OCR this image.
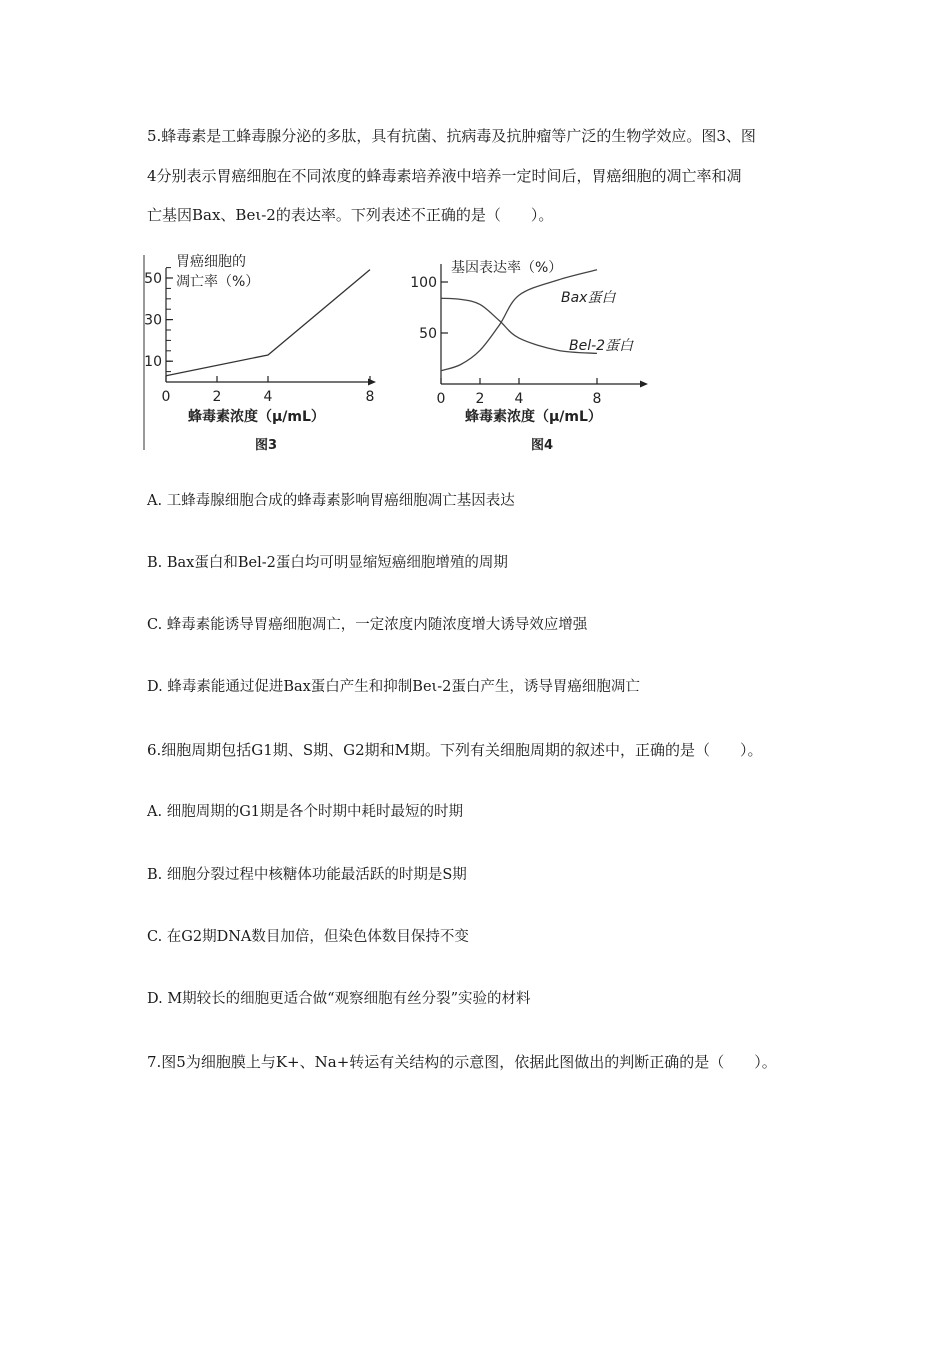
5.蜂毒素是工蜂毒腺分泌的多肽，具有抗菌、抗病毒及抗肿瘤等广泛的生物学效应。图3、图
4分别表示胃癌细胞在不同浓度的蜂毒素培养液中培养一定时间后，胃癌细胞的凋亡率和凋
亡基因Bax、Beι-2的表达率。下列表述不正确的是（　　）。
胃癌细胞的
凋亡率（%）
10
30
50
0	2	4	8
蜂毒素浓度（μ/mL）
图3
基因表达率（%）
50
100
0 2 4	8
Bax蛋白
Bel-2蛋白
蜂毒素浓度（μ/mL）
图4
A. 工蜂毒腺细胞合成的蜂毒素影响胃癌细胞凋亡基因表达
B. Bax蛋白和Bel-2蛋白均可明显缩短癌细胞增殖的周期
C. 蜂毒素能诱导胃癌细胞凋亡，一定浓度内随浓度增大诱导效应增强
D. 蜂毒素能通过促进Bax蛋白产生和抑制Beι-2蛋白产生，诱导胃癌细胞凋亡
6.细胞周期包括G1期、S期、G2期和M期。下列有关细胞周期的叙述中，正确的是（　　）。
A. 细胞周期的G1期是各个时期中耗时最短的时期
B. 细胞分裂过程中核糖体功能最活跃的时期是S期
C. 在G2期DNA数目加倍，但染色体数目保持不变
D. M期较长的细胞更适合做“观察细胞有丝分裂”实验的材料
7.图5为细胞膜上与K+、Na+转运有关结构的示意图，依据此图做出的判断正确的是（　　）。
